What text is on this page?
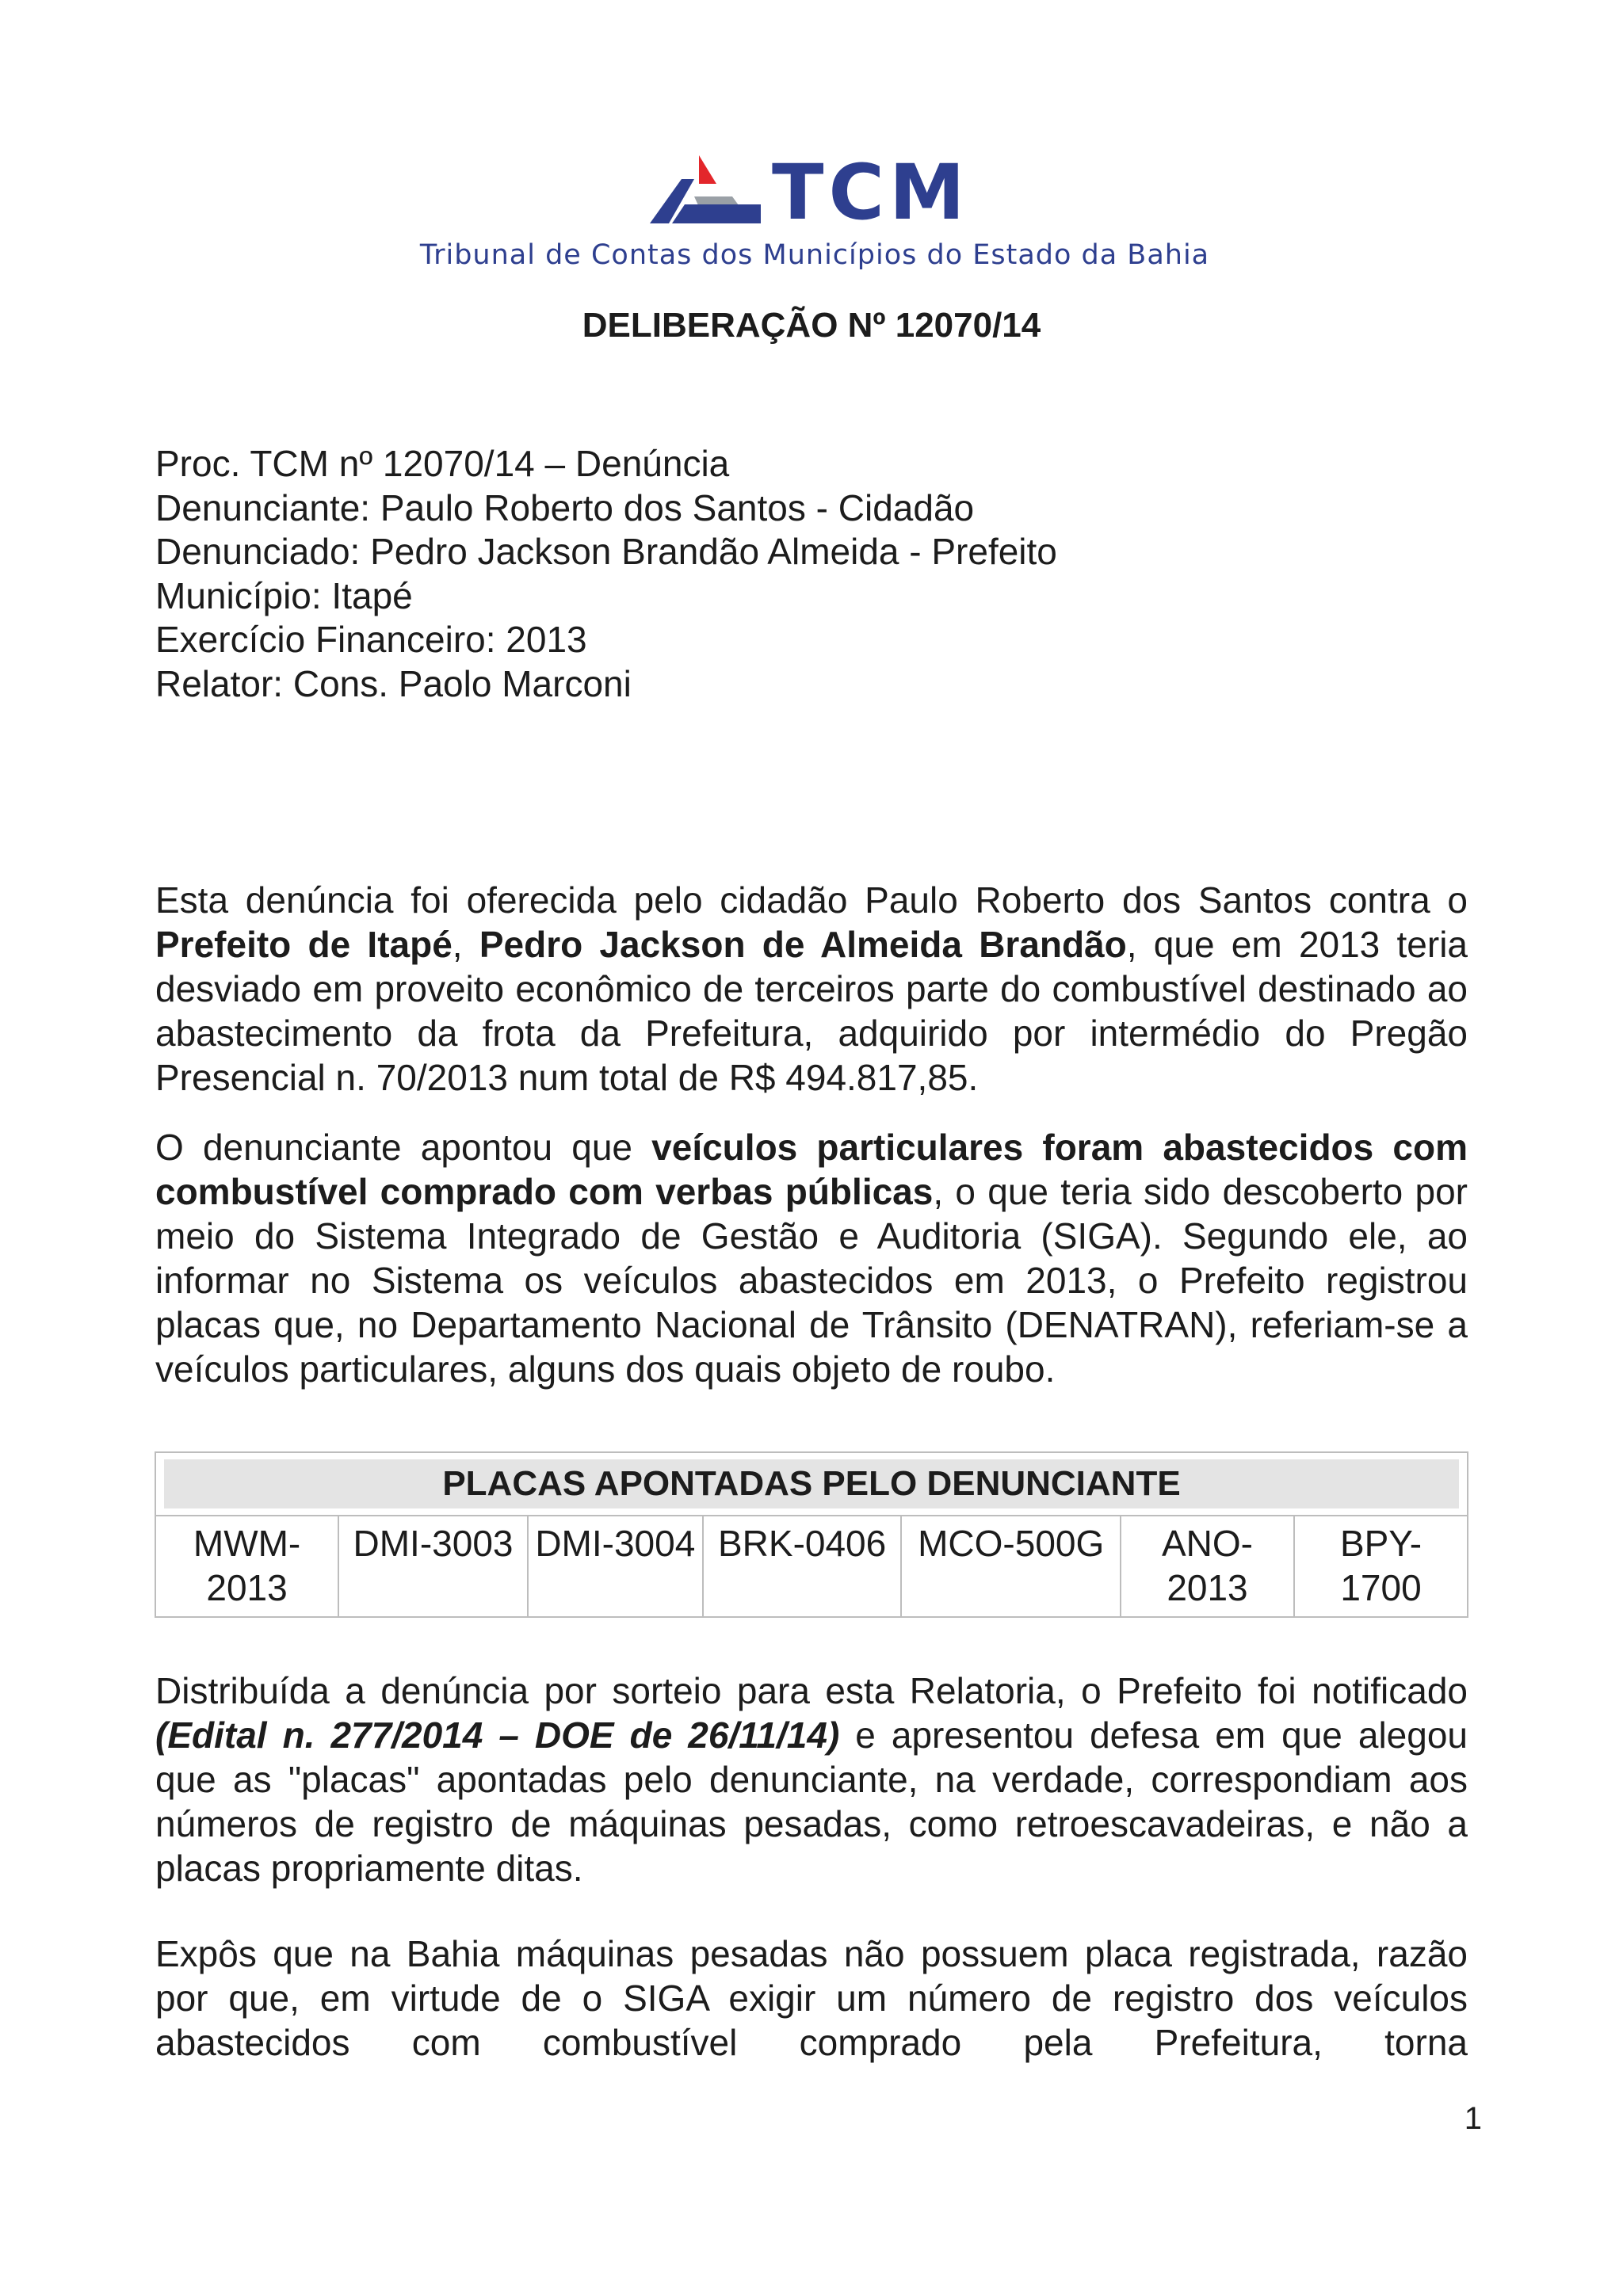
TCM
Tribunal de Contas dos Municípios do Estado da Bahia
DELIBERAÇÃO Nº 12070/14
Proc. TCM nº 12070/14 – Denúncia
Denunciante: Paulo Roberto dos Santos - Cidadão
Denunciado: Pedro Jackson Brandão Almeida - Prefeito
Município: Itapé
Exercício Financeiro: 2013
Relator: Cons. Paolo Marconi

Esta denúncia foi oferecida pelo cidadão Paulo Roberto dos Santos contra o Prefeito de Itapé, Pedro Jackson de Almeida Brandão, que em 2013 teria desviado em proveito econômico de terceiros parte do combustível destinado ao abastecimento da frota da Prefeitura, adquirido por intermédio do Pregão Presencial n. 70/2013 num total de R$ 494.817,85.

O denunciante apontou que veículos particulares foram abastecidos com combustível comprado com verbas públicas, o que teria sido descoberto por meio do Sistema Integrado de Gestão e Auditoria (SIGA). Segundo ele, ao informar no Sistema os veículos abastecidos em 2013, o Prefeito registrou placas que, no Departamento Nacional de Trânsito (DENATRAN), referiam-se a veículos particulares, alguns dos quais objeto de roubo.

PLACAS APONTADAS PELO DENUNCIANTE

MWM-2013	DMI-3003	DMI-3004	BRK-0406	MCO-500G	ANO-2013	BPY-1700

Distribuída a denúncia por sorteio para esta Relatoria, o Prefeito foi notificado (Edital n. 277/2014 – DOE de 26/11/14) e apresentou defesa em que alegou que as "placas" apontadas pelo denunciante, na verdade, correspondiam aos números de registro de máquinas pesadas, como retroescavadeiras, e não a placas propriamente ditas.

Expôs que na Bahia máquinas pesadas não possuem placa registrada, razão por que, em virtude de o SIGA exigir um número de registro dos veículos abastecidos com combustível comprado pela Prefeitura, torna

1
